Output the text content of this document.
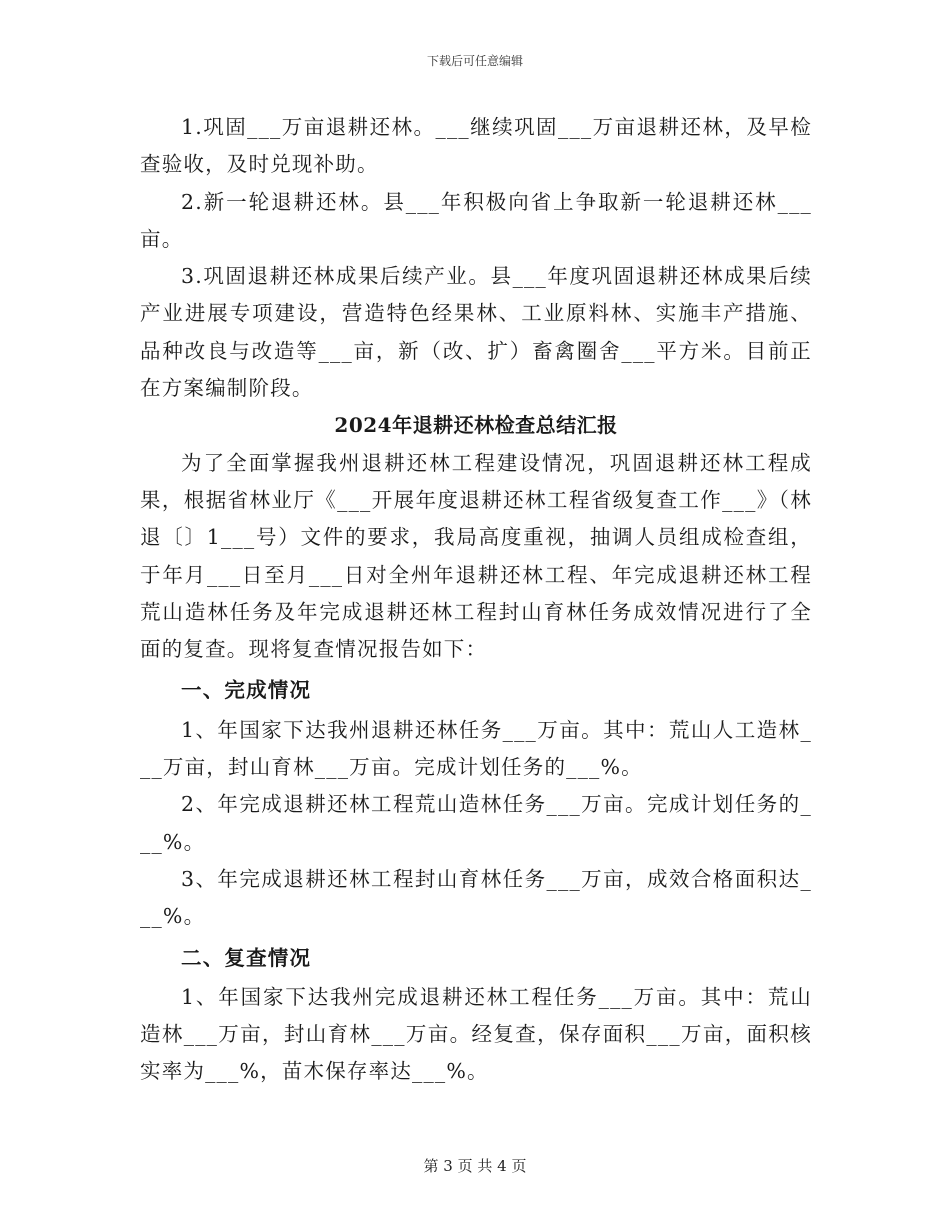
下载后可任意编辑

1.巩固___万亩退耕还林。___继续巩固___万亩退耕还林，及早检查验收，及时兑现补助。

2.新一轮退耕还林。县___年积极向省上争取新一轮退耕还林___亩。

3.巩固退耕还林成果后续产业。县___年度巩固退耕还林成果后续产业进展专项建设，营造特色经果林、工业原料林、实施丰产措施、品种改良与改造等___亩，新（改、扩）畜禽圈舍___平方米。目前正在方案编制阶段。

2024年退耕还林检查总结汇报

为了全面掌握我州退耕还林工程建设情况，巩固退耕还林工程成果，根据省林业厅《___开展年度退耕还林工程省级复查工作___》（林退〔〕1___号）文件的要求，我局高度重视，抽调人员组成检查组，于年月___日至月___日对全州年退耕还林工程、年完成退耕还林工程荒山造林任务及年完成退耕还林工程封山育林任务成效情况进行了全面的复查。现将复查情况报告如下：

一、完成情况

1、年国家下达我州退耕还林任务___万亩。其中：荒山人工造林___万亩，封山育林___万亩。完成计划任务的___%。

2、年完成退耕还林工程荒山造林任务___万亩。完成计划任务的___%。

3、年完成退耕还林工程封山育林任务___万亩，成效合格面积达___%。

二、复查情况

1、年国家下达我州完成退耕还林工程任务___万亩。其中：荒山造林___万亩，封山育林___万亩。经复查，保存面积___万亩，面积核实率为___%，苗木保存率达___%。

第 3 页 共 4 页
